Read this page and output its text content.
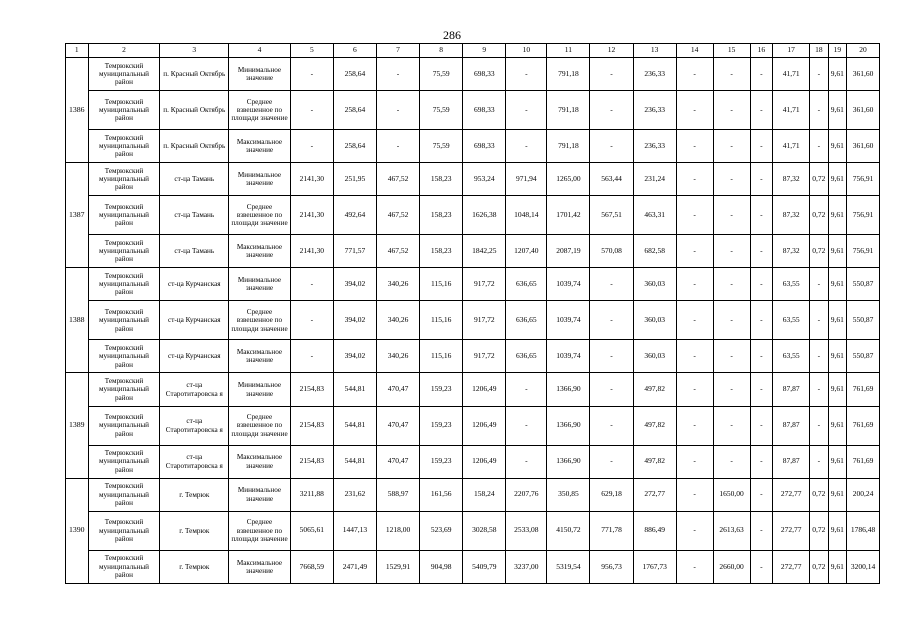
286
1	2	3	4	5	6	7	8	9	10	11	12	13	14	15	16	17	18	19	20
1386	Темрюкский муниципальный район	п. Красный Октябрь	Минимальное значение	-	258,64	-	75,59	698,33	-	791,18	-	236,33	-	-	-	41,71	-	9,61	361,60
	Темрюкский муниципальный район	п. Красный Октябрь	Среднее взвешенное по площади значение	-	258,64	-	75,59	698,33	-	791,18	-	236,33	-	-	-	41,71	-	9,61	361,60
	Темрюкский муниципальный район	п. Красный Октябрь	Максимальное значение	-	258,64	-	75,59	698,33	-	791,18	-	236,33	-	-	-	41,71	-	9,61	361,60
1387	Темрюкский муниципальный район	ст-ца Тамань	Минимальное значение	2141,30	251,95	467,52	158,23	953,24	971,94	1265,00	563,44	231,24	-	-	-	87,32	0,72	9,61	756,91
	Темрюкский муниципальный район	ст-ца Тамань	Среднее взвешенное по площади значение	2141,30	492,64	467,52	158,23	1626,38	1048,14	1701,42	567,51	463,31	-	-	-	87,32	0,72	9,61	756,91
	Темрюкский муниципальный район	ст-ца Тамань	Максимальное значение	2141,30	771,57	467,52	158,23	1842,25	1207,40	2087,19	570,08	682,58	-	-	-	87,32	0,72	9,61	756,91
1388	Темрюкский муниципальный район	ст-ца Курчанская	Минимальное значение	-	394,02	340,26	115,16	917,72	636,65	1039,74	-	360,03	-	-	-	63,55	-	9,61	550,87
	Темрюкский муниципальный район	ст-ца Курчанская	Среднее взвешенное по площади значение	-	394,02	340,26	115,16	917,72	636,65	1039,74	-	360,03	-	-	-	63,55	-	9,61	550,87
	Темрюкский муниципальный район	ст-ца Курчанская	Максимальное значение	-	394,02	340,26	115,16	917,72	636,65	1039,74	-	360,03	-	-	-	63,55	-	9,61	550,87
1389	Темрюкский муниципальный район	ст-ца Старотитаровска я	Минимальное значение	2154,83	544,81	470,47	159,23	1206,49	-	1366,90	-	497,82	-	-	-	87,87	-	9,61	761,69
	Темрюкский муниципальный район	ст-ца Старотитаровска я	Среднее взвешенное по площади значение	2154,83	544,81	470,47	159,23	1206,49	-	1366,90	-	497,82	-	-	-	87,87	-	9,61	761,69
	Темрюкский муниципальный район	ст-ца Старотитаровска я	Максимальное значение	2154,83	544,81	470,47	159,23	1206,49	-	1366,90	-	497,82	-	-	-	87,87	-	9,61	761,69
1390	Темрюкский муниципальный район	г. Темрюк	Минимальное значение	3211,88	231,62	588,97	161,56	158,24	2207,76	350,85	629,18	272,77	-	1650,00	-	272,77	0,72	9,61	200,24
	Темрюкский муниципальный район	г. Темрюк	Среднее взвешенное по площади значение	5065,61	1447,13	1218,00	523,69	3028,58	2533,08	4150,72	771,78	886,49	-	2613,63	-	272,77	0,72	9,61	1786,48
	Темрюкский муниципальный район	г. Темрюк	Максимальное значение	7668,59	2471,49	1529,91	904,98	5409,79	3237,00	5319,54	956,73	1767,73	-	2660,00	-	272,77	0,72	9,61	3200,14
